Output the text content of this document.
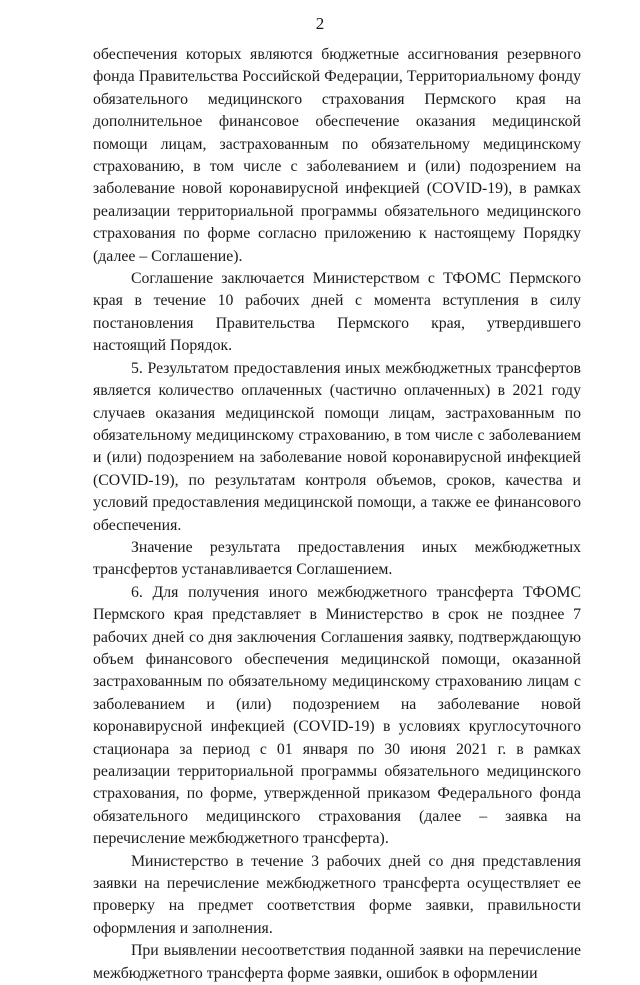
2

обеспечения которых являются бюджетные ассигнования резервного фонда Правительства Российской Федерации, Территориальному фонду обязательного медицинского страхования Пермского края на дополнительное финансовое обеспечение оказания медицинской помощи лицам, застрахованным по обязательному медицинскому страхованию, в том числе с заболеванием и (или) подозрением на заболевание новой коронавирусной инфекцией (COVID-19), в рамках реализации территориальной программы обязательного медицинского страхования по форме согласно приложению к настоящему Порядку (далее – Соглашение).

Соглашение заключается Министерством с ТФОМС Пермского края в течение 10 рабочих дней с момента вступления в силу постановления Правительства Пермского края, утвердившего настоящий Порядок.

5. Результатом предоставления иных межбюджетных трансфертов является количество оплаченных (частично оплаченных) в 2021 году случаев оказания медицинской помощи лицам, застрахованным по обязательному медицинскому страхованию, в том числе с заболеванием и (или) подозрением на заболевание новой коронавирусной инфекцией (COVID-19), по результатам контроля объемов, сроков, качества и условий предоставления медицинской помощи, а также ее финансового обеспечения.

Значение результата предоставления иных межбюджетных трансфертов устанавливается Соглашением.

6. Для получения иного межбюджетного трансферта ТФОМС Пермского края представляет в Министерство в срок не позднее 7 рабочих дней со дня заключения Соглашения заявку, подтверждающую объем финансового обеспечения медицинской помощи, оказанной застрахованным по обязательному медицинскому страхованию лицам с заболеванием и (или) подозрением на заболевание новой коронавирусной инфекцией (COVID-19) в условиях круглосуточного стационара за период с 01 января по 30 июня 2021 г. в рамках реализации территориальной программы обязательного медицинского страхования, по форме, утвержденной приказом Федерального фонда обязательного медицинского страхования (далее – заявка на перечисление межбюджетного трансферта).

Министерство в течение 3 рабочих дней со дня представления заявки на перечисление межбюджетного трансферта осуществляет ее проверку на предмет соответствия форме заявки, правильности оформления и заполнения.

При выявлении несоответствия поданной заявки на перечисление межбюджетного трансферта форме заявки, ошибок в оформлении
